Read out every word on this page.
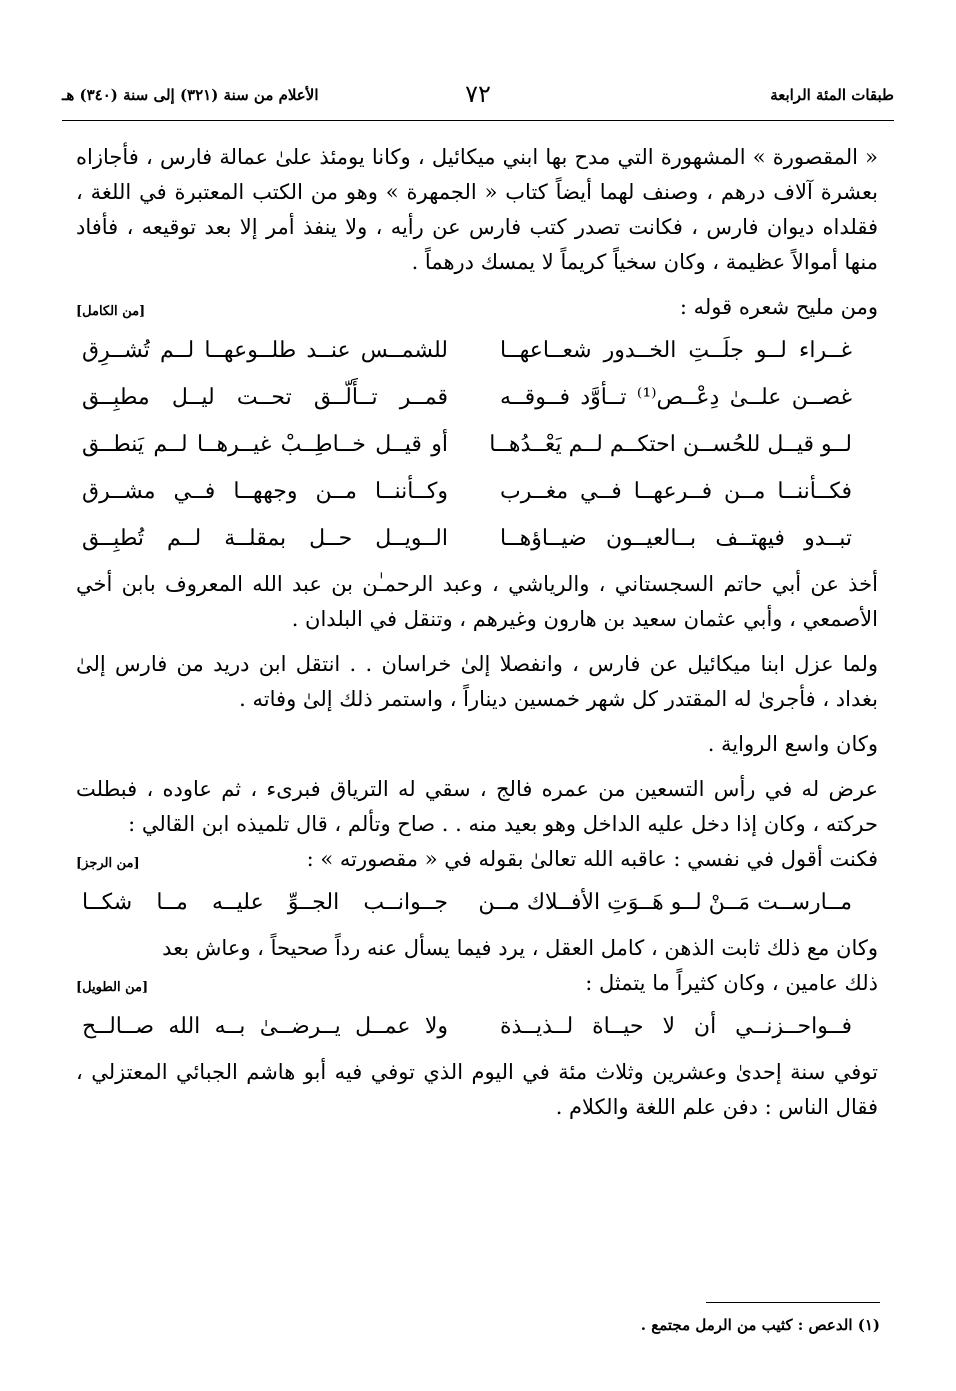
طبقات المئة الرابعة
٧٢
الأعلام من سنة (٣٢١) إلى سنة (٣٤٠) هـ

« المقصورة » المشهورة التي مدح بها ابني ميكائيل ، وكانا يومئذ علىٰ عمالة فارس ، فأجازاه بعشرة آلاف درهم ، وصنف لهما أيضاً كتاب « الجمهرة » وهو من الكتب المعتبرة في اللغة ، فقلداه ديوان فارس ، فكانت تصدر كتب فارس عن رأيه ، ولا ينفذ أمر إلا بعد توقيعه ، فأفاد منها أموالاً عظيمة ، وكان سخياً كريماً لا يمسك درهماً .

ومن مليح شعره قوله :
[من الكامل]
غــراء لــو جلَــتِ الخــدور شعــاعهــا
للشمــس عنــد طلــوعهــا لــم تُشــرِق
غصــن علــىٰ دِعْــص⁽¹⁾ تــأوَّد فــوقــه
قمــر تــأَلّــق تحــت ليــل مطبِــق
لــو قيــل للحُســن احتكــم لــم يَعْــدُهــا
أو قيــل خــاطِــبْ غيــرهــا لــم يَنطــق
فكــأننــا مــن فــرعهــا فــي مغــرب
وكــأننــا مــن وجههــا فــي مشــرق
تبــدو فيهتــف بــالعيــون ضيــاؤهــا
الــويــل حــل بمقلــة لــم تُطبِــق

أخذ عن أبي حاتم السجستاني ، والرياشي ، وعبد الرحمـٰن بن عبد الله المعروف بابن أخي الأصمعي ، وأبي عثمان سعيد بن هارون وغيرهم ، وتنقل في البلدان .

ولما عزل ابنا ميكائيل عن فارس ، وانفصلا إلىٰ خراسان . . انتقل ابن دريد من فارس إلىٰ بغداد ، فأجرىٰ له المقتدر كل شهر خمسين ديناراً ، واستمر ذلك إلىٰ وفاته .

وكان واسع الرواية .

عرض له في رأس التسعين من عمره فالج ، سقي له الترياق فبرىء ، ثم عاوده ، فبطلت حركته ، وكان إذا دخل عليه الداخل وهو بعيد منه . . صاح وتألم ، قال تلميذه ابن القالي :

فكنت أقول في نفسي : عاقبه الله تعالىٰ بقوله في « مقصورته » :
[من الرجز]
مــارســت مَــنْ لــو هَــوَتِ الأفــلاك مــن
جــوانــب الجــوِّ عليــه مــا شكــا

وكان مع ذلك ثابت الذهن ، كامل العقل ، يرد فيما يسأل عنه رداً صحيحاً ، وعاش بعد

ذلك عامين ، وكان كثيراً ما يتمثل :
[من الطويل]
فــواحــزنــي أن لا حيــاة لــذيــذة
ولا عمــل يــرضــىٰ بــه الله صــالــح

توفي سنة إحدىٰ وعشرين وثلاث مئة في اليوم الذي توفي فيه أبو هاشم الجبائي المعتزلي ، فقال الناس : دفن علم اللغة والكلام .

(١) الدعص : كثيب من الرمل مجتمع .
